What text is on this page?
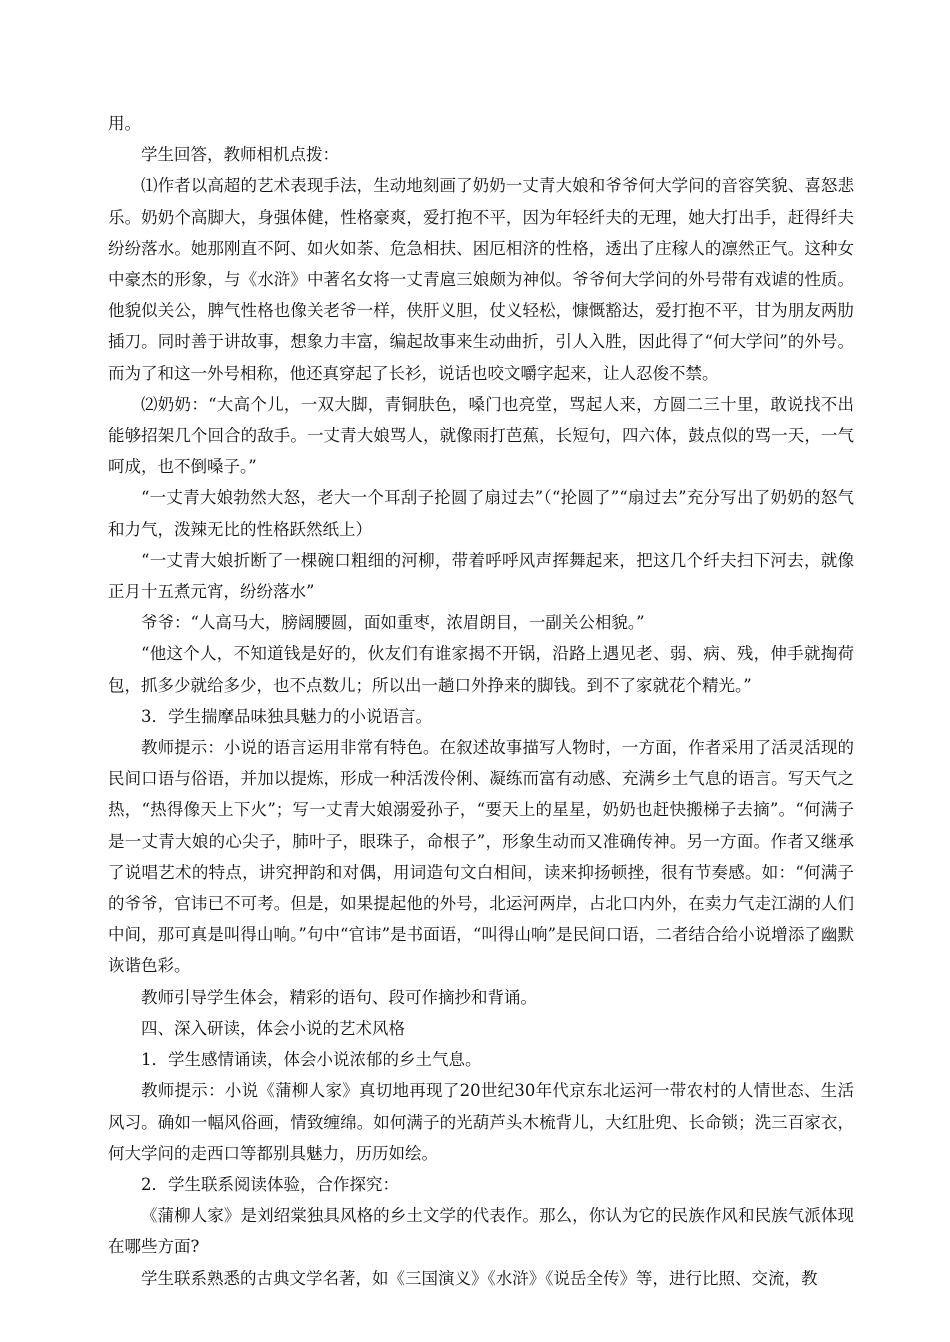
用。

学生回答，教师相机点拨：

⑴作者以高超的艺术表现手法，生动地刻画了奶奶一丈青大娘和爷爷何大学问的音容笑貌、喜怒悲乐。奶奶个高脚大，身强体健，性格豪爽，爱打抱不平，因为年轻纤夫的无理，她大打出手，赶得纤夫纷纷落水。她那刚直不阿、如火如荼、危急相扶、困厄相济的性格，透出了庄稼人的凛然正气。这种女中豪杰的形象，与《水浒》中著名女将一丈青扈三娘颇为神似。爷爷何大学问的外号带有戏谑的性质。他貌似关公，脾气性格也像关老爷一样，侠肝义胆，仗义轻松，慷慨豁达，爱打抱不平，甘为朋友两肋插刀。同时善于讲故事，想象力丰富，编起故事来生动曲折，引人入胜，因此得了“何大学问”的外号。而为了和这一外号相称，他还真穿起了长衫，说话也咬文嚼字起来，让人忍俊不禁。

⑵奶奶：“大高个儿，一双大脚，青铜肤色，嗓门也亮堂，骂起人来，方圆二三十里，敢说找不出能够招架几个回合的敌手。一丈青大娘骂人，就像雨打芭蕉，长短句，四六体，鼓点似的骂一天，一气呵成，也不倒嗓子。”

“一丈青大娘勃然大怒，老大一个耳刮子抡圆了扇过去”（“抡圆了”“扇过去”充分写出了奶奶的怒气和力气，泼辣无比的性格跃然纸上）

“一丈青大娘折断了一棵碗口粗细的河柳，带着呼呼风声挥舞起来，把这几个纤夫扫下河去，就像正月十五煮元宵，纷纷落水”

爷爷：“人高马大，膀阔腰圆，面如重枣，浓眉朗目，一副关公相貌。”

“他这个人，不知道钱是好的，伙友们有谁家揭不开锅，沿路上遇见老、弱、病、残，伸手就掏荷包，抓多少就给多少，也不点数儿；所以出一趟口外挣来的脚钱。到不了家就花个精光。”

3．学生揣摩品味独具魅力的小说语言。

教师提示：小说的语言运用非常有特色。在叙述故事描写人物时，一方面，作者采用了活灵活现的民间口语与俗语，并加以提炼，形成一种活泼伶俐、凝练而富有动感、充满乡土气息的语言。写天气之热，“热得像天上下火”；写一丈青大娘溺爱孙子，“要天上的星星，奶奶也赶快搬梯子去摘”。“何满子是一丈青大娘的心尖子，肺叶子，眼珠子，命根子”，形象生动而又准确传神。另一方面。作者又继承了说唱艺术的特点，讲究押韵和对偶，用词造句文白相间，读来抑扬顿挫，很有节奏感。如：“何满子的爷爷，官讳已不可考。但是，如果提起他的外号，北运河两岸，占北口内外，在卖力气走江湖的人们中间，那可真是叫得山响。”句中“官讳”是书面语，“叫得山响”是民间口语，二者结合给小说增添了幽默诙谐色彩。

教师引导学生体会，精彩的语句、段可作摘抄和背诵。

四、深入研读，体会小说的艺术风格

1．学生感情诵读，体会小说浓郁的乡土气息。

教师提示：小说《蒲柳人家》真切地再现了20世纪30年代京东北运河一带农村的人情世态、生活风习。确如一幅风俗画，情致缠绵。如何满子的光葫芦头木梳背儿，大红肚兜、长命锁；洗三百家衣，何大学问的走西口等都别具魅力，历历如绘。

2．学生联系阅读体验，合作探究：

《蒲柳人家》是刘绍棠独具风格的乡土文学的代表作。那么，你认为它的民族作风和民族气派体现在哪些方面?

学生联系熟悉的古典文学名著，如《三国演义》《水浒》《说岳全传》等，进行比照、交流，教
